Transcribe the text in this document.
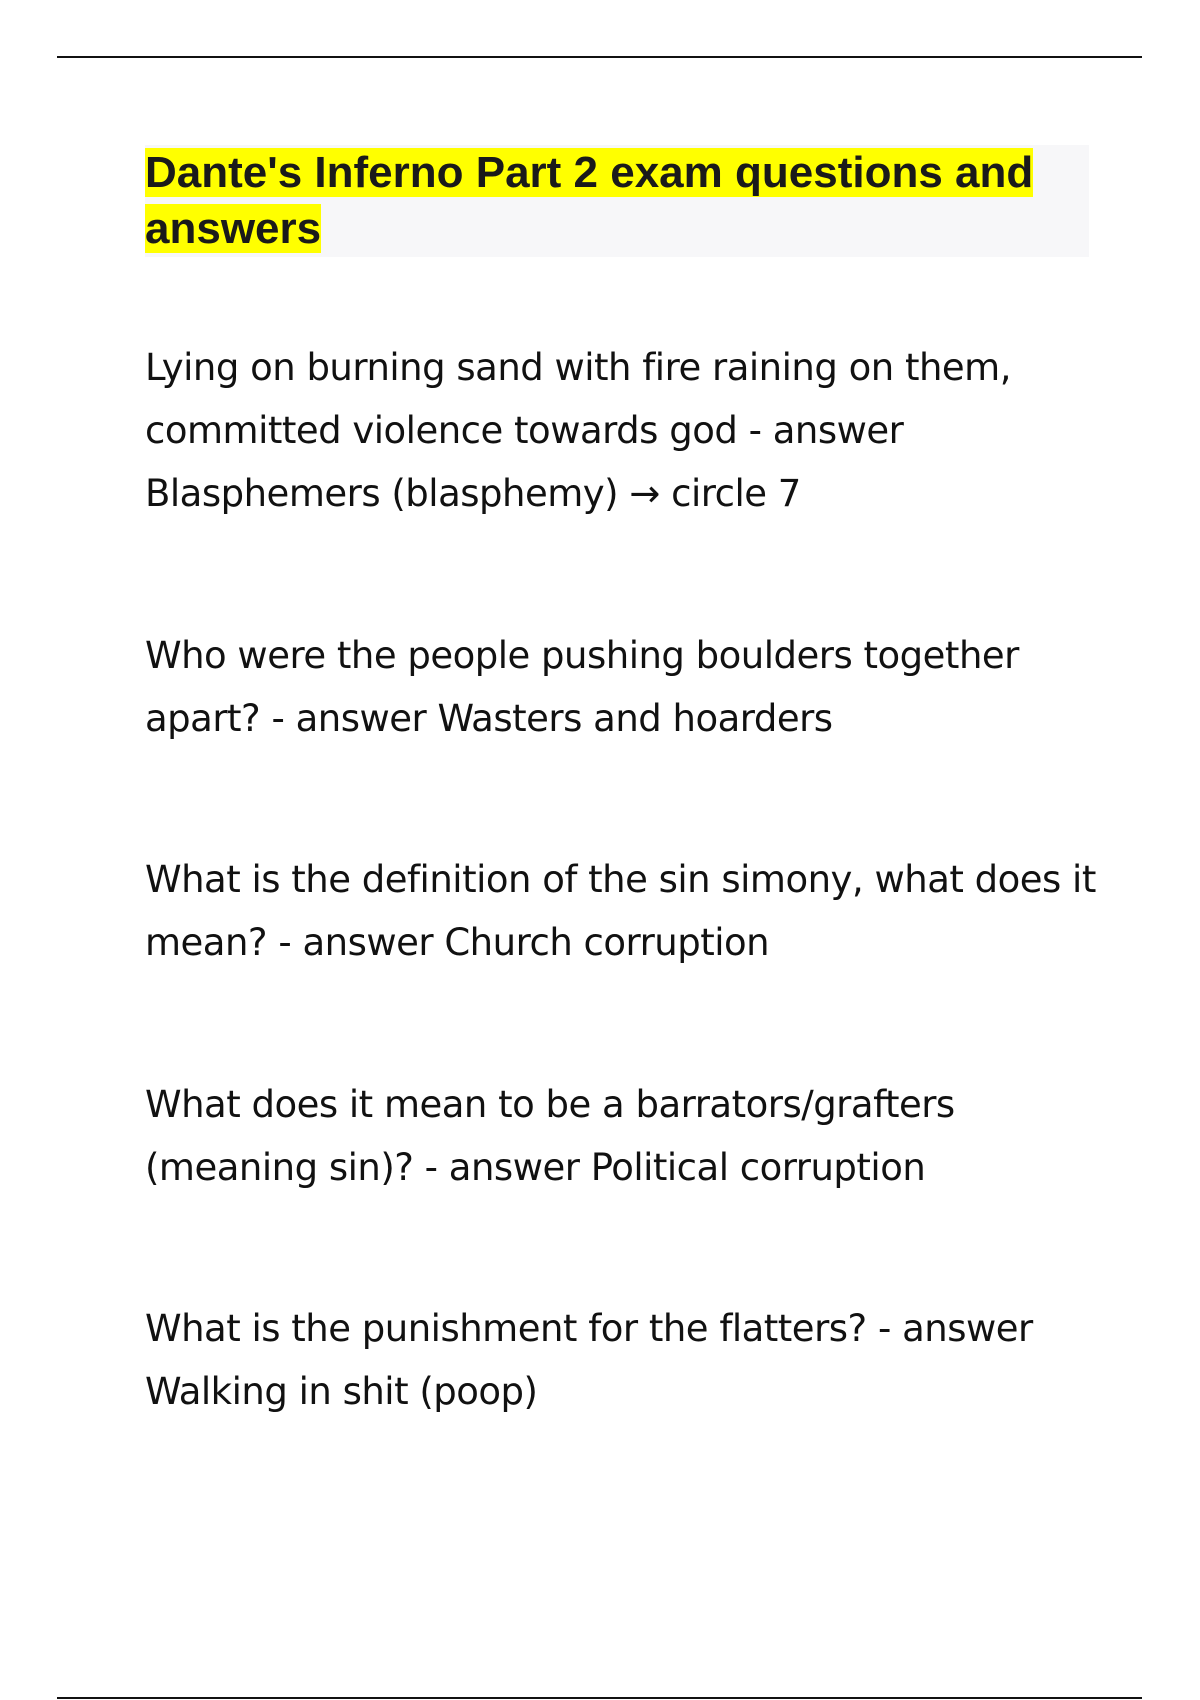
Dante's Inferno Part 2 exam questions and answers

Lying on burning sand with fire raining on them, committed violence towards god - answer Blasphemers (blasphemy) → circle 7

Who were the people pushing boulders together apart? - answer Wasters and hoarders

What is the definition of the sin simony, what does it mean? - answer Church corruption

What does it mean to be a barrators/grafters (meaning sin)? - answer Political corruption

What is the punishment for the flatters? - answer Walking in shit (poop)
